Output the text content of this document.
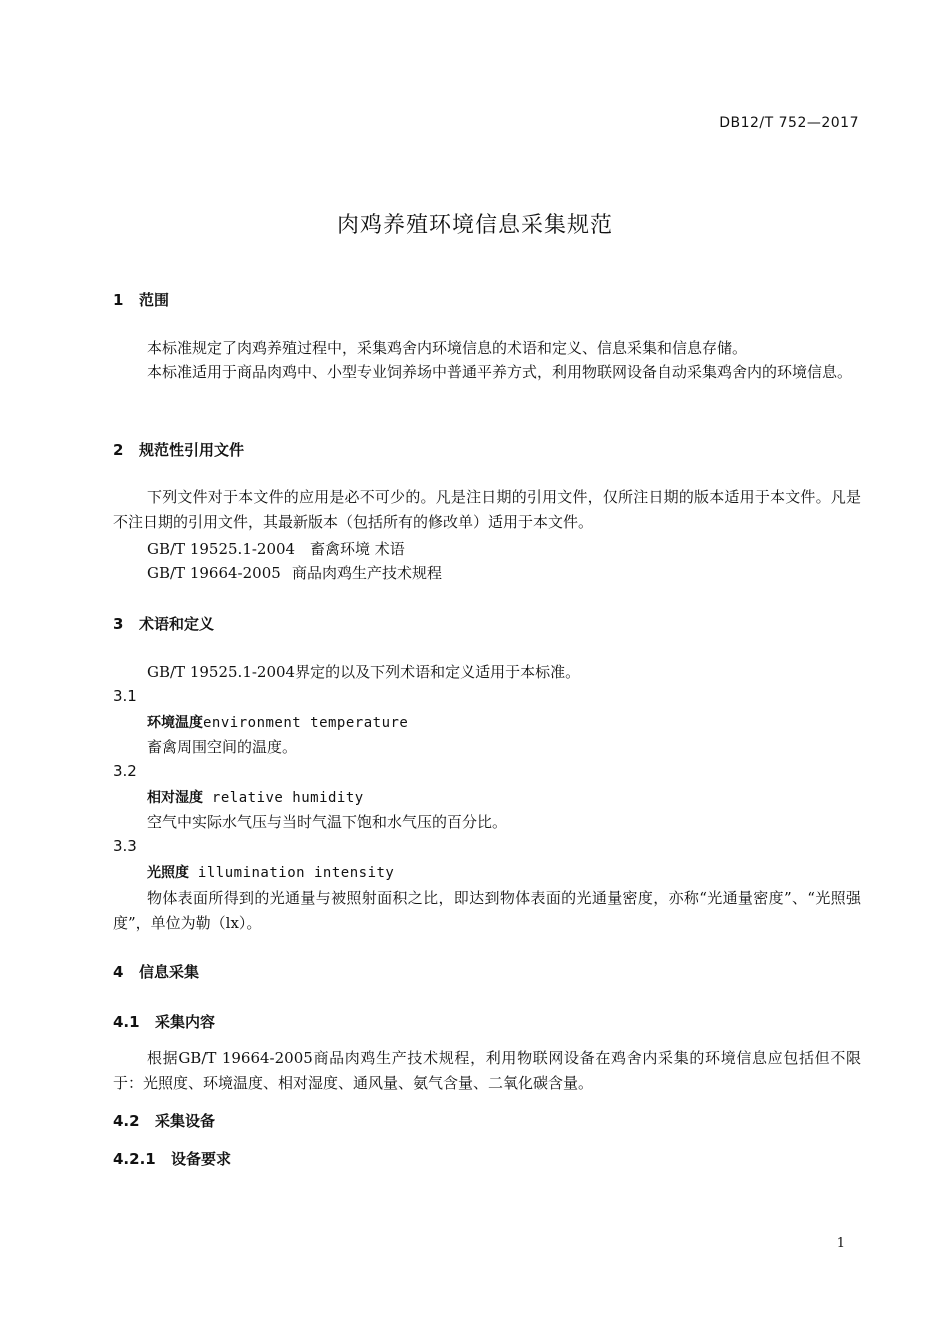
DB12/T 752—2017
肉鸡养殖环境信息采集规范
1 范围
本标准规定了肉鸡养殖过程中，采集鸡舍内环境信息的术语和定义、信息采集和信息存储。
本标准适用于商品肉鸡中、小型专业饲养场中普通平养方式，利用物联网设备自动采集鸡舍内的环境信息。
2 规范性引用文件
下列文件对于本文件的应用是必不可少的。凡是注日期的引用文件，仅所注日期的版本适用于本文件。凡是不注日期的引用文件，其最新版本（包括所有的修改单）适用于本文件。
GB/T 19525.1-2004 畜禽环境 术语
GB/T 19664-2005 商品肉鸡生产技术规程
3 术语和定义
GB/T 19525.1-2004界定的以及下列术语和定义适用于本标准。
3.1
环境温度environment temperature
畜禽周围空间的温度。
3.2
相对湿度 relative humidity
空气中实际水气压与当时气温下饱和水气压的百分比。
3.3
光照度 illumination intensity
物体表面所得到的光通量与被照射面积之比，即达到物体表面的光通量密度，亦称“光通量密度”、“光照强度”，单位为勒（lx）。
4 信息采集
4.1 采集内容
根据GB/T 19664-2005商品肉鸡生产技术规程，利用物联网设备在鸡舍内采集的环境信息应包括但不限于：光照度、环境温度、相对湿度、通风量、氨气含量、二氧化碳含量。
4.2 采集设备
4.2.1 设备要求
1
